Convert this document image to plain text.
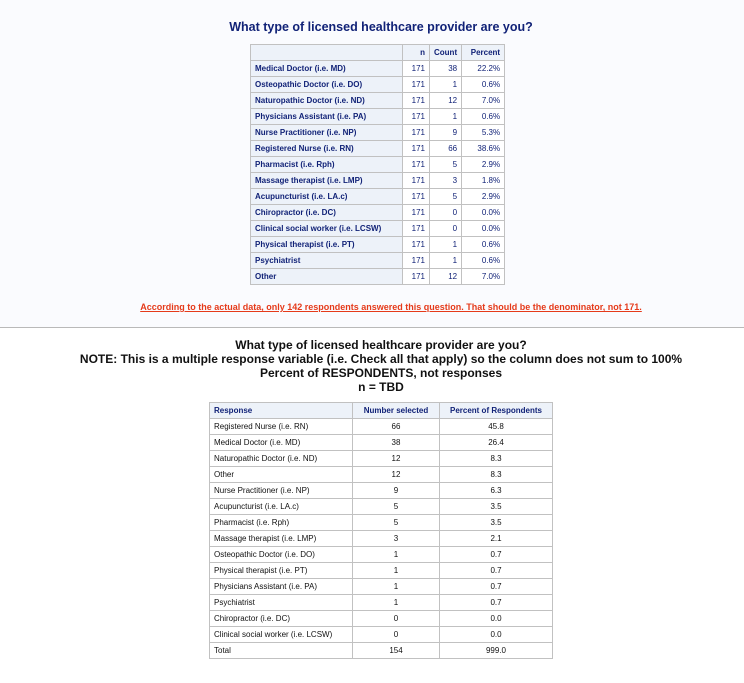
What type of licensed healthcare provider are you?
	n	Count	Percent
Medical Doctor (i.e. MD)	171	38	22.2%
Osteopathic Doctor (i.e. DO)	171	1	0.6%
Naturopathic Doctor (i.e. ND)	171	12	7.0%
Physicians Assistant (i.e. PA)	171	1	0.6%
Nurse Practitioner (i.e. NP)	171	9	5.3%
Registered Nurse (i.e. RN)	171	66	38.6%
Pharmacist (i.e. Rph)	171	5	2.9%
Massage therapist (i.e. LMP)	171	3	1.8%
Acupuncturist (i.e. LA.c)	171	5	2.9%
Chiropractor (i.e. DC)	171	0	0.0%
Clinical social worker (i.e. LCSW)	171	0	0.0%
Physical therapist (i.e. PT)	171	1	0.6%
Psychiatrist	171	1	0.6%
Other	171	12	7.0%
According to the actual data, only 142 respondents answered this question. That should be the denominator, not 171.
What type of licensed healthcare provider are you?
NOTE: This is a multiple response variable (i.e. Check all that apply) so the column does not sum to 100%
Percent of RESPONDENTS, not responses
n = TBD
Response	Number selected	Percent of Respondents
Registered Nurse (i.e. RN)	66	45.8
Medical Doctor (i.e. MD)	38	26.4
Naturopathic Doctor (i.e. ND)	12	8.3
Other	12	8.3
Nurse Practitioner (i.e. NP)	9	6.3
Acupuncturist (i.e. LA.c)	5	3.5
Pharmacist (i.e. Rph)	5	3.5
Massage therapist (i.e. LMP)	3	2.1
Osteopathic Doctor (i.e. DO)	1	0.7
Physical therapist (i.e. PT)	1	0.7
Physicians Assistant (i.e. PA)	1	0.7
Psychiatrist	1	0.7
Chiropractor (i.e. DC)	0	0.0
Clinical social worker (i.e. LCSW)	0	0.0
Total	154	999.0
